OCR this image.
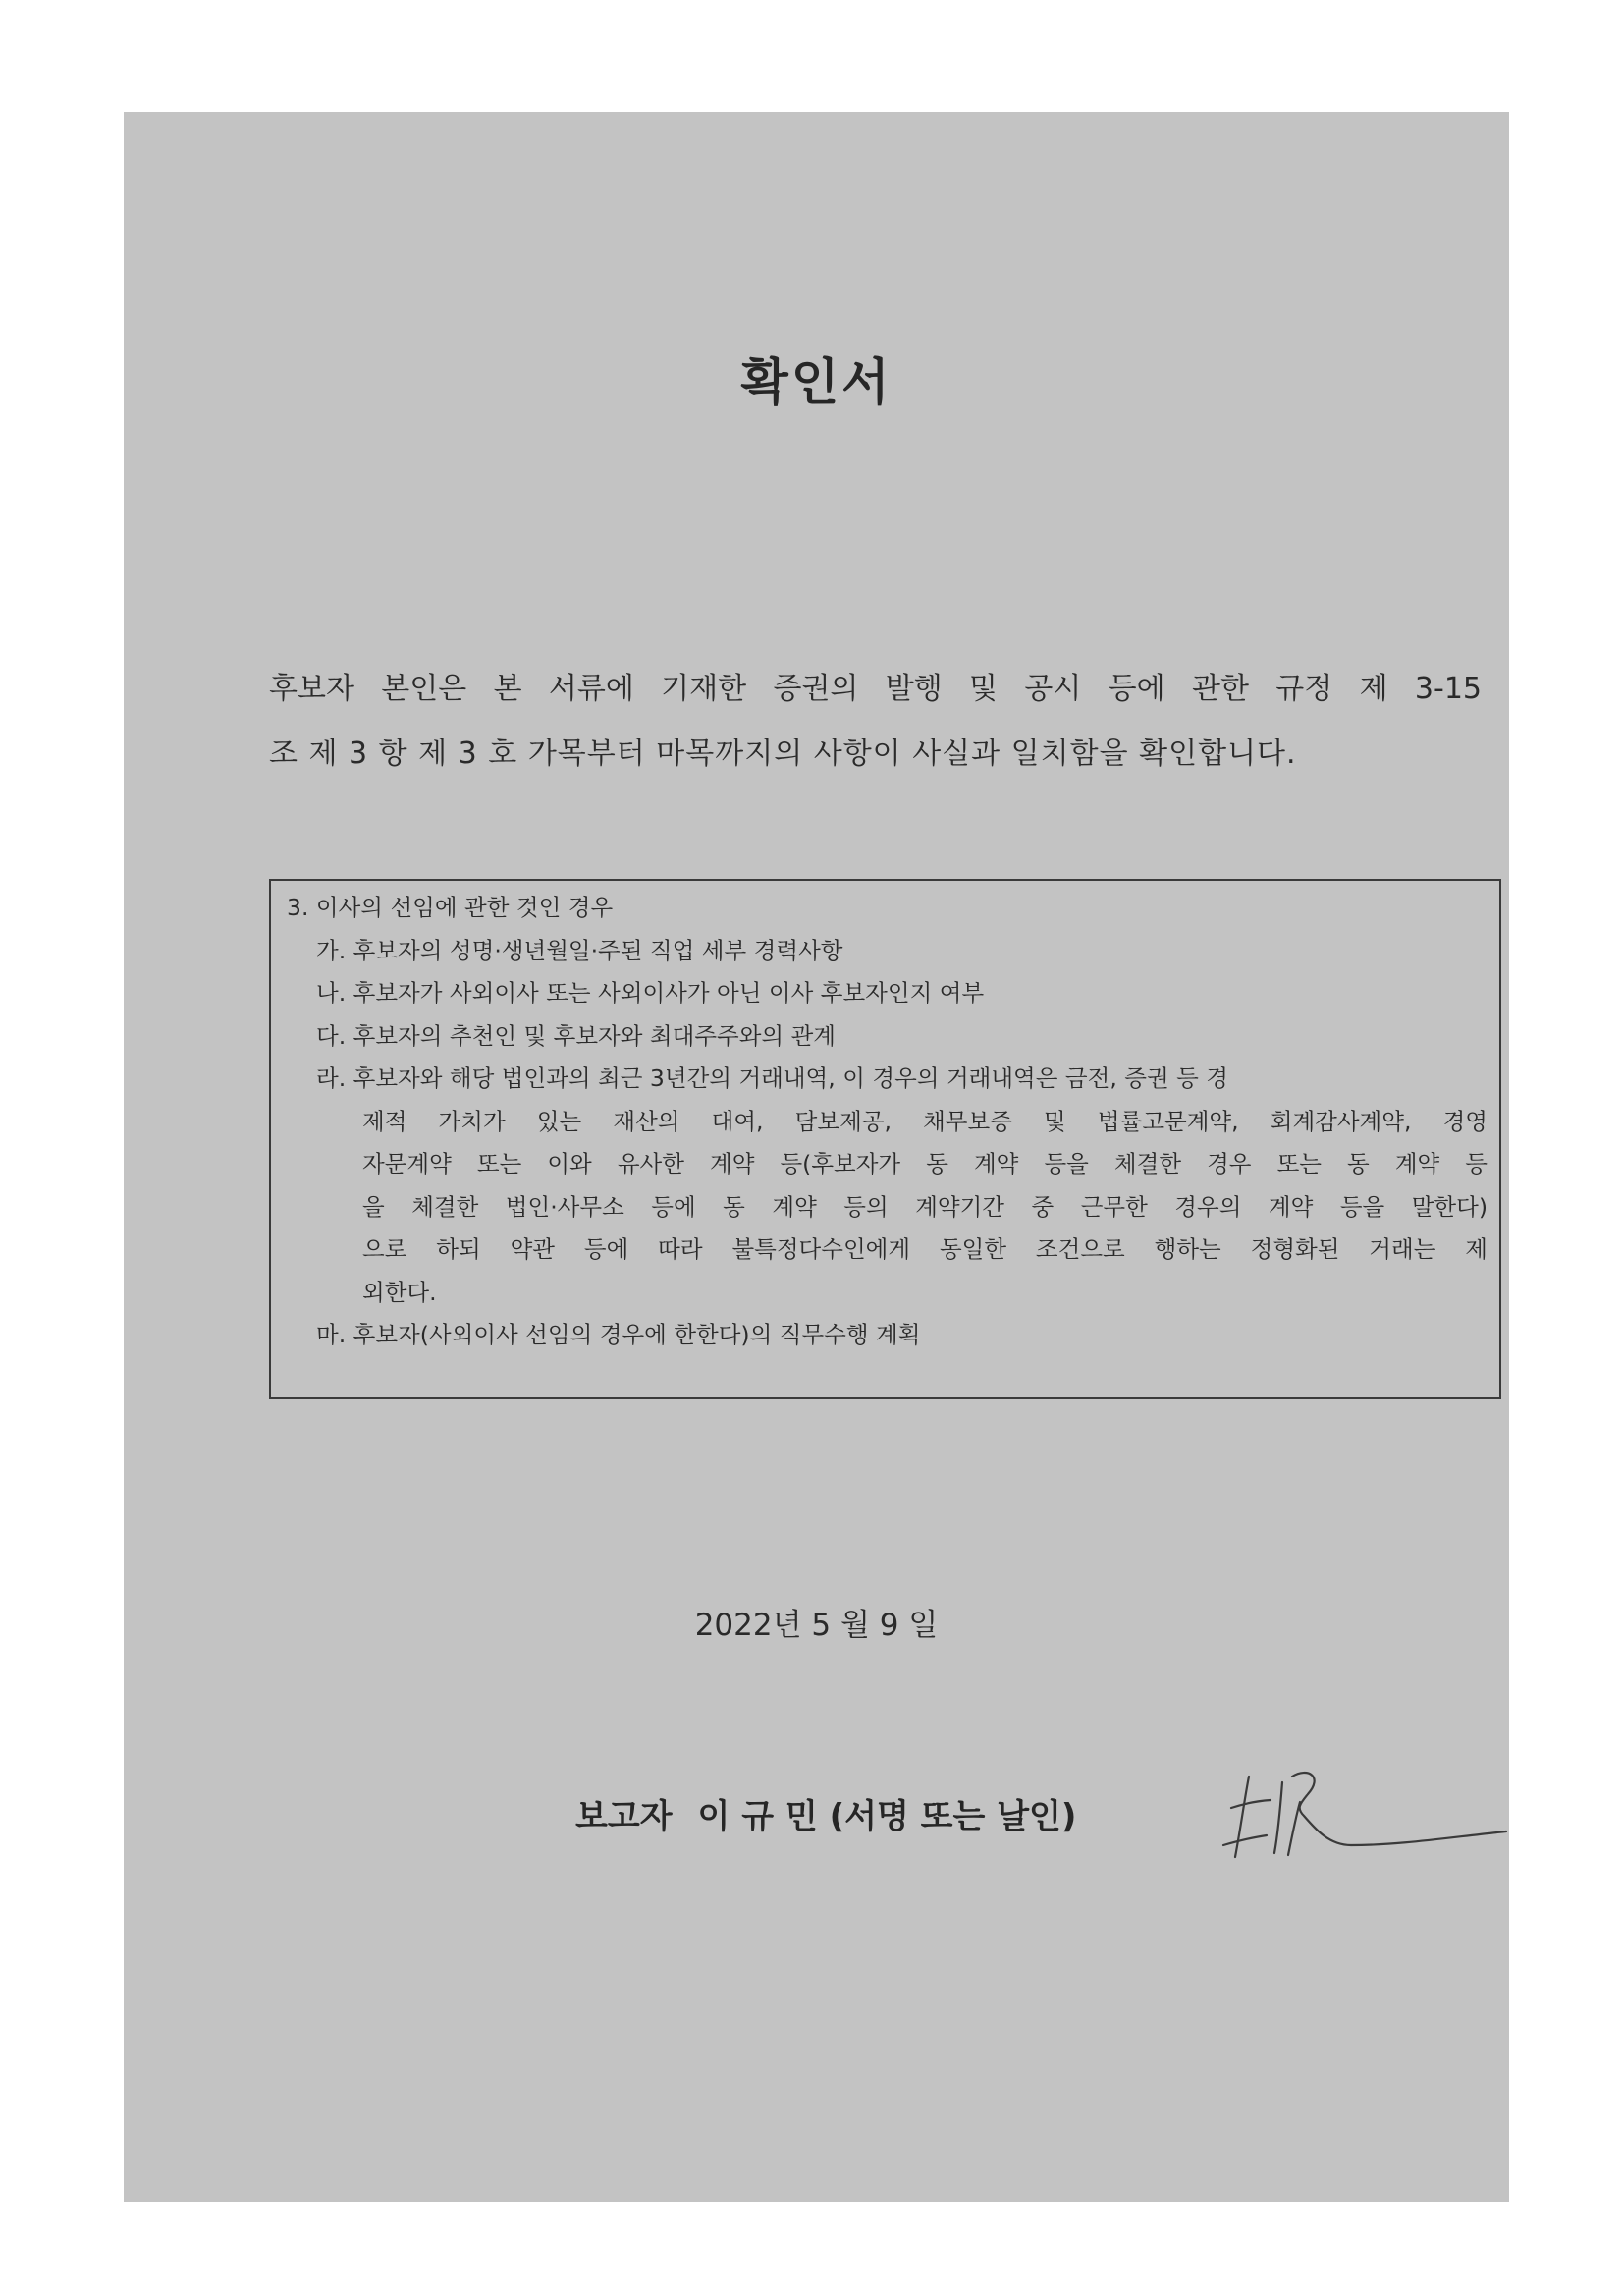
확인서

후보자 본인은 본 서류에 기재한 증권의 발행 및 공시 등에 관한 규정 제 3-15

조 제 3 항 제 3 호 가목부터 마목까지의 사항이 사실과 일치함을 확인합니다.

3. 이사의 선임에 관한 것인 경우
가. 후보자의 성명·생년월일·주된 직업 세부 경력사항
나. 후보자가 사외이사 또는 사외이사가 아닌 이사 후보자인지 여부
다. 후보자의 추천인 및 후보자와 최대주주와의 관계
라. 후보자와 해당 법인과의 최근 3년간의 거래내역, 이 경우의 거래내역은 금전, 증권 등 경
제적 가치가 있는 재산의 대여, 담보제공, 채무보증 및 법률고문계약, 회계감사계약, 경영
자문계약 또는 이와 유사한 계약 등(후보자가 동 계약 등을 체결한 경우 또는 동 계약 등
을 체결한 법인·사무소 등에 동 계약 등의 계약기간 중 근무한 경우의 계약 등을 말한다)
으로 하되 약관 등에 따라 불특정다수인에게 동일한 조건으로 행하는 정형화된 거래는 제
외한다.
마. 후보자(사외이사 선임의 경우에 한한다)의 직무수행 계획
2022년 5 월 9 일
보고자 이 규 민 (서명 또는 날인)
